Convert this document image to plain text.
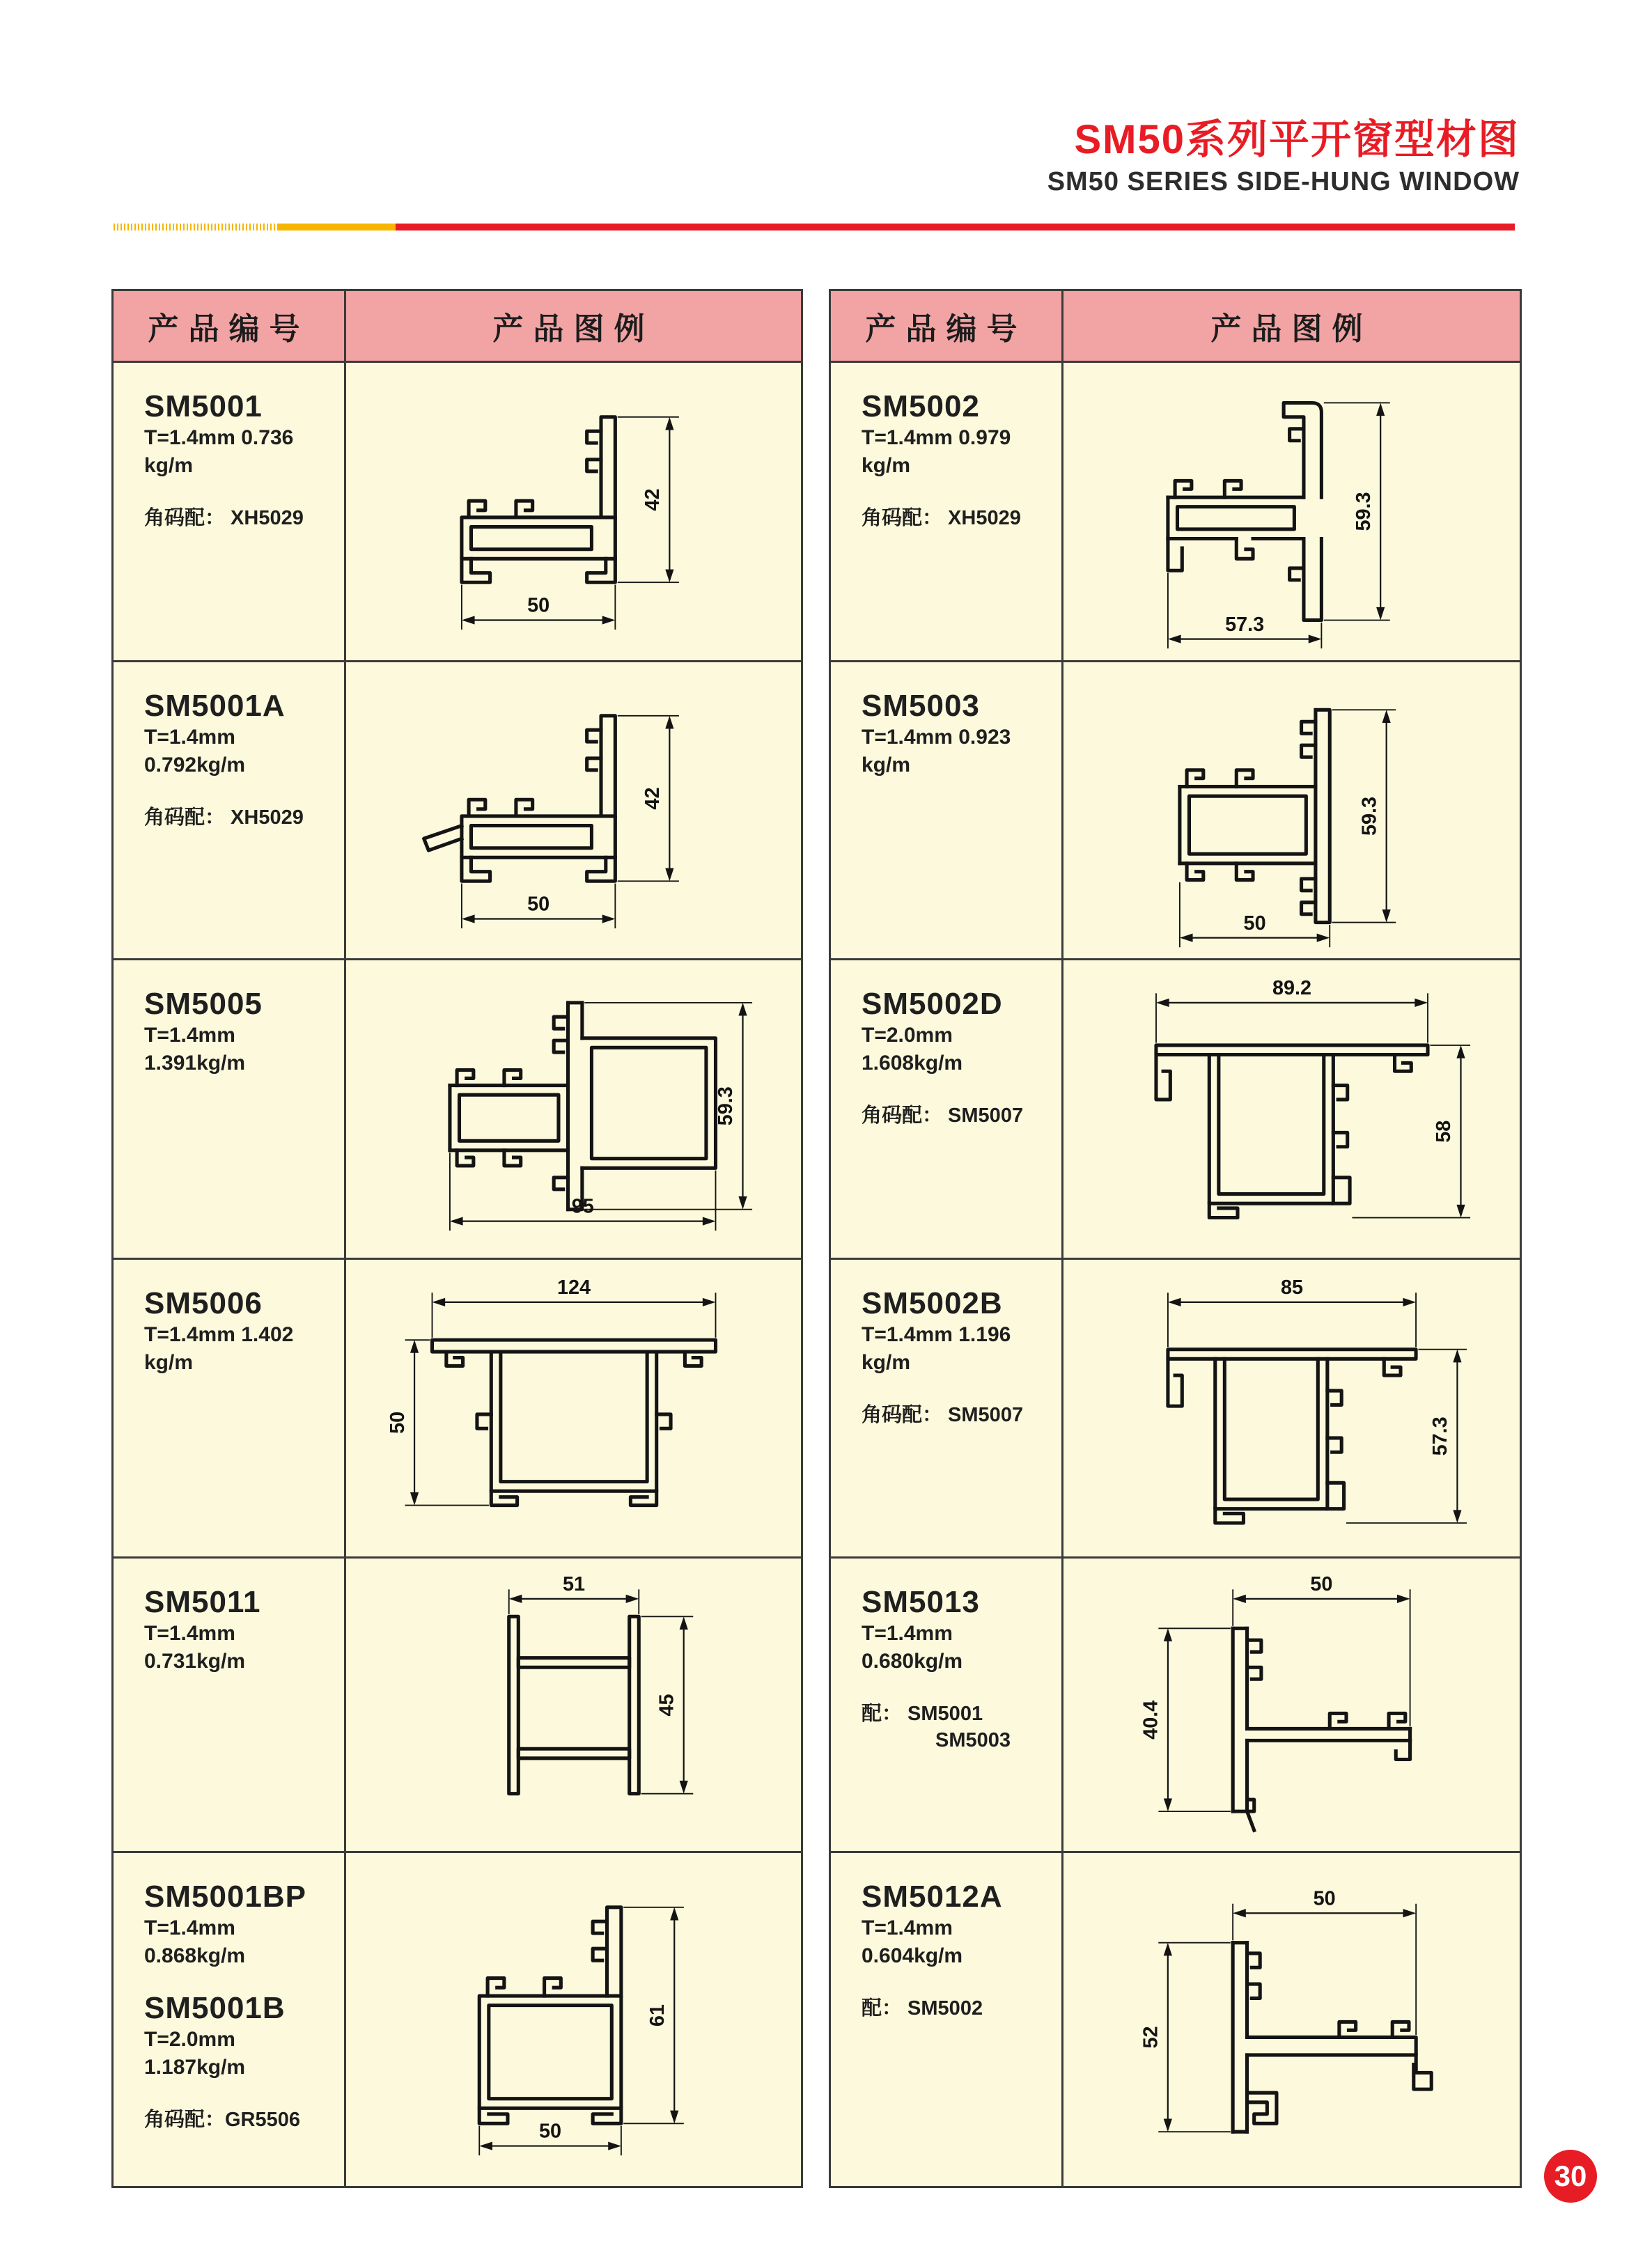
SM50系列平开窗型材图
SM50 SERIES SIDE-HUNG WINDOW
产品编号	产品图例
SM5001
T=1.4mm 0.736 kg/m
角码配： XH5029
50
42
SM5001A
T=1.4mm 0.792kg/m
角码配： XH5029
50
42
SM5005
T=1.4mm 1.391kg/m
95
59.3
SM5006
T=1.4mm 1.402 kg/m
124
50
SM5011
T=1.4mm 0.731kg/m
51
45
SM5001BP
T=1.4mm 0.868kg/m
SM5001B
T=2.0mm 1.187kg/m
角码配：GR5506
50
61
产品编号	产品图例
SM5002
T=1.4mm 0.979 kg/m
角码配： XH5029
57.3
59.3
SM5003
T=1.4mm 0.923 kg/m
50
59.3
SM5002D
T=2.0mm 1.608kg/m
角码配： SM5007
89.2
58
SM5002B
T=1.4mm 1.196 kg/m
角码配： SM5007
85
57.3
SM5013
T=1.4mm 0.680kg/m
配： SM5001
SM5003
50
40.4
SM5012A
T=1.4mm 0.604kg/m
配： SM5002
50
52
30
